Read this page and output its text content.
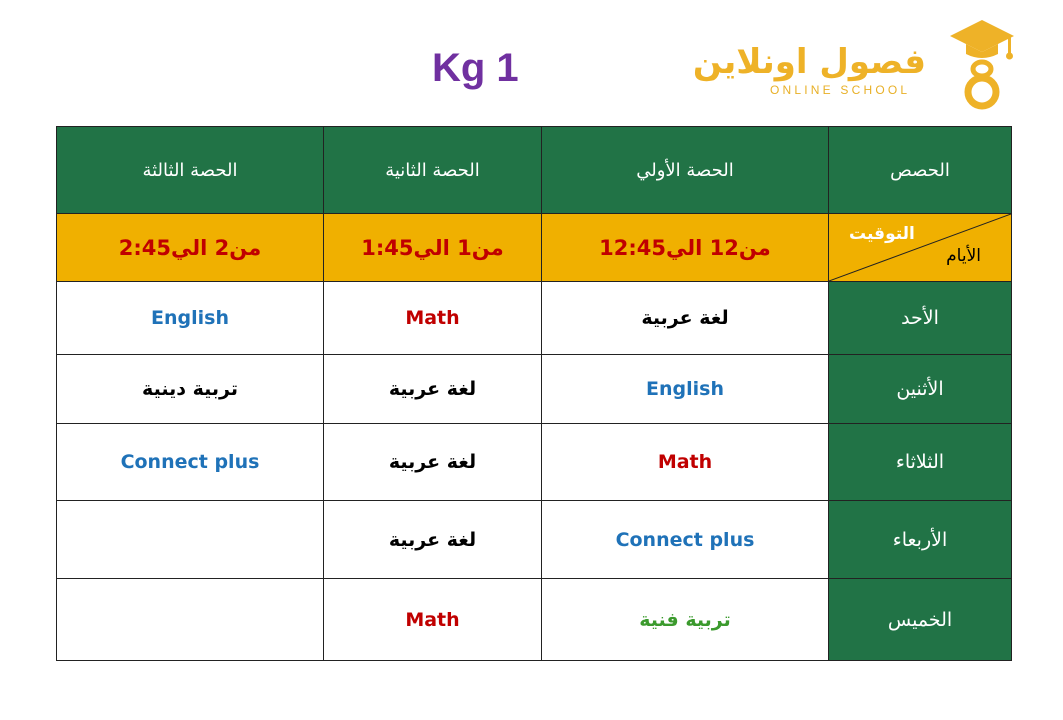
Kg 1	فصول اونلاين
ONLINE SCHOOL
الحصص	الحصة الأولي	الحصة الثانية	الحصة الثالثة

التوقيت
الأيام	من12 الي12:45	من1 الي1:45	من2 الي2:45
الأحد	لغة عربية	Math	English
الأثنين	English	لغة عربية	تربية دينية
الثلاثاء	Math	لغة عربية	Connect plus
الأربعاء	Connect plus	لغة عربية	
الخميس	تربية فنية	Math	
